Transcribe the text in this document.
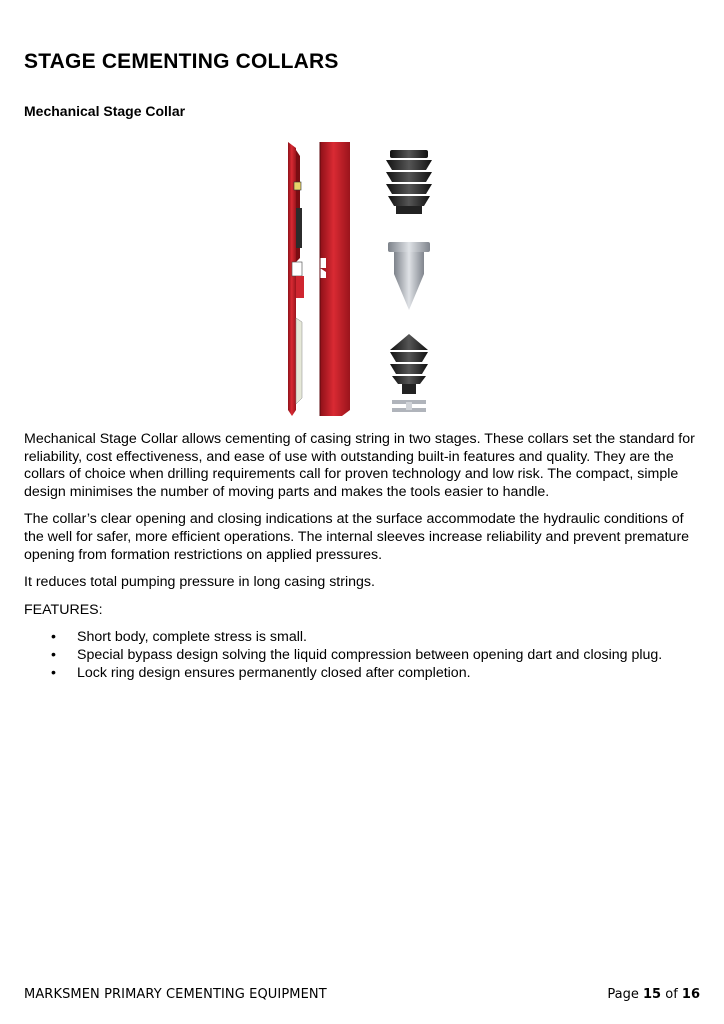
STAGE CEMENTING COLLARS
Mechanical Stage Collar

Mechanical Stage Collar allows cementing of casing string in two stages. These collars set the standard for reliability, cost effectiveness, and ease of use with outstanding built-in features and quality. They are the collars of choice when drilling requirements call for proven technology and low risk. The compact, simple design minimises the number of moving parts and makes the tools easier to handle.

The collar’s clear opening and closing indications at the surface accommodate the hydraulic conditions of the well for safer, more efficient operations. The internal sleeves increase reliability and prevent premature opening from formation restrictions on applied pressures.

It reduces total pumping pressure in long casing strings.

FEATURES:

• Short body, complete stress is small.
• Special bypass design solving the liquid compression between opening dart and closing plug.
• Lock ring design ensures permanently closed after completion.
MARKSMEN PRIMARY CEMENTING EQUIPMENT	Page 15 of 16
